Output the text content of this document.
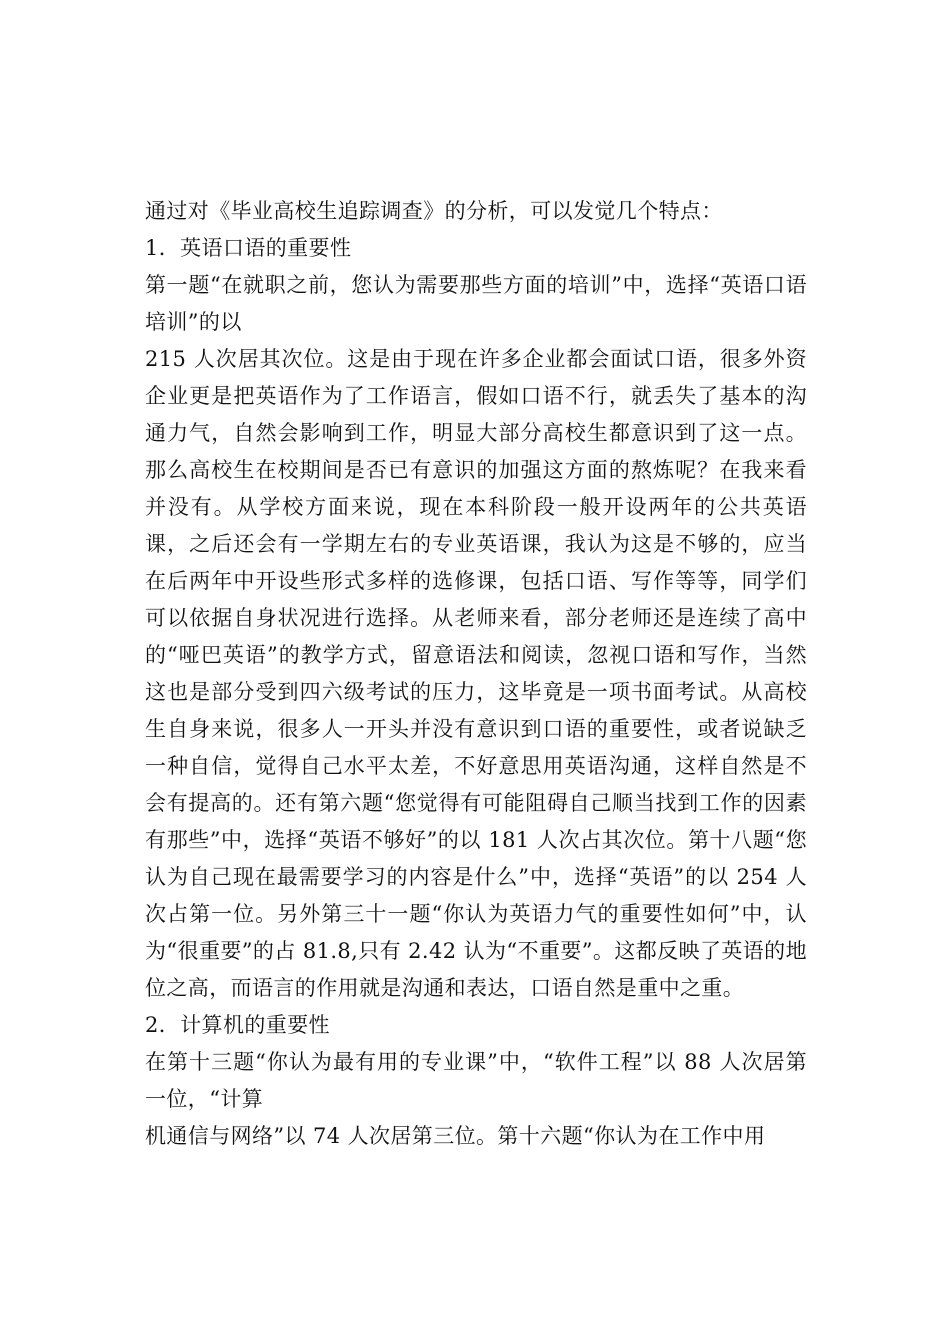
通过对《毕业高校生追踪调查》的分析，可以发觉几个特点：

1．英语口语的重要性

第一题“在就职之前，您认为需要那些方面的培训”中，选择“英语口语培训”的以

215 人次居其次位。这是由于现在许多企业都会面试口语，很多外资企业更是把英语作为了工作语言，假如口语不行，就丢失了基本的沟通力气，自然会影响到工作，明显大部分高校生都意识到了这一点。那么高校生在校期间是否已有意识的加强这方面的熬炼呢？在我来看并没有。从学校方面来说，现在本科阶段一般开设两年的公共英语课，之后还会有一学期左右的专业英语课，我认为这是不够的，应当在后两年中开设些形式多样的选修课，包括口语、写作等等，同学们可以依据自身状况进行选择。从老师来看，部分老师还是连续了高中的“哑巴英语”的教学方式，留意语法和阅读，忽视口语和写作，当然这也是部分受到四六级考试的压力，这毕竟是一项书面考试。从高校生自身来说，很多人一开头并没有意识到口语的重要性，或者说缺乏一种自信，觉得自己水平太差，不好意思用英语沟通，这样自然是不会有提高的。还有第六题“您觉得有可能阻碍自己顺当找到工作的因素有那些”中，选择“英语不够好”的以 181 人次占其次位。第十八题“您认为自己现在最需要学习的内容是什么”中，选择“英语”的以 254 人次占第一位。另外第三十一题“你认为英语力气的重要性如何”中，认为“很重要”的占 81.8,只有 2.42 认为“不重要”。这都反映了英语的地位之高，而语言的作用就是沟通和表达，口语自然是重中之重。

2．计算机的重要性

在第十三题“你认为最有用的专业课”中，“软件工程”以 88 人次居第一位，“计算

机通信与网络”以 74 人次居第三位。第十六题“你认为在工作中用
